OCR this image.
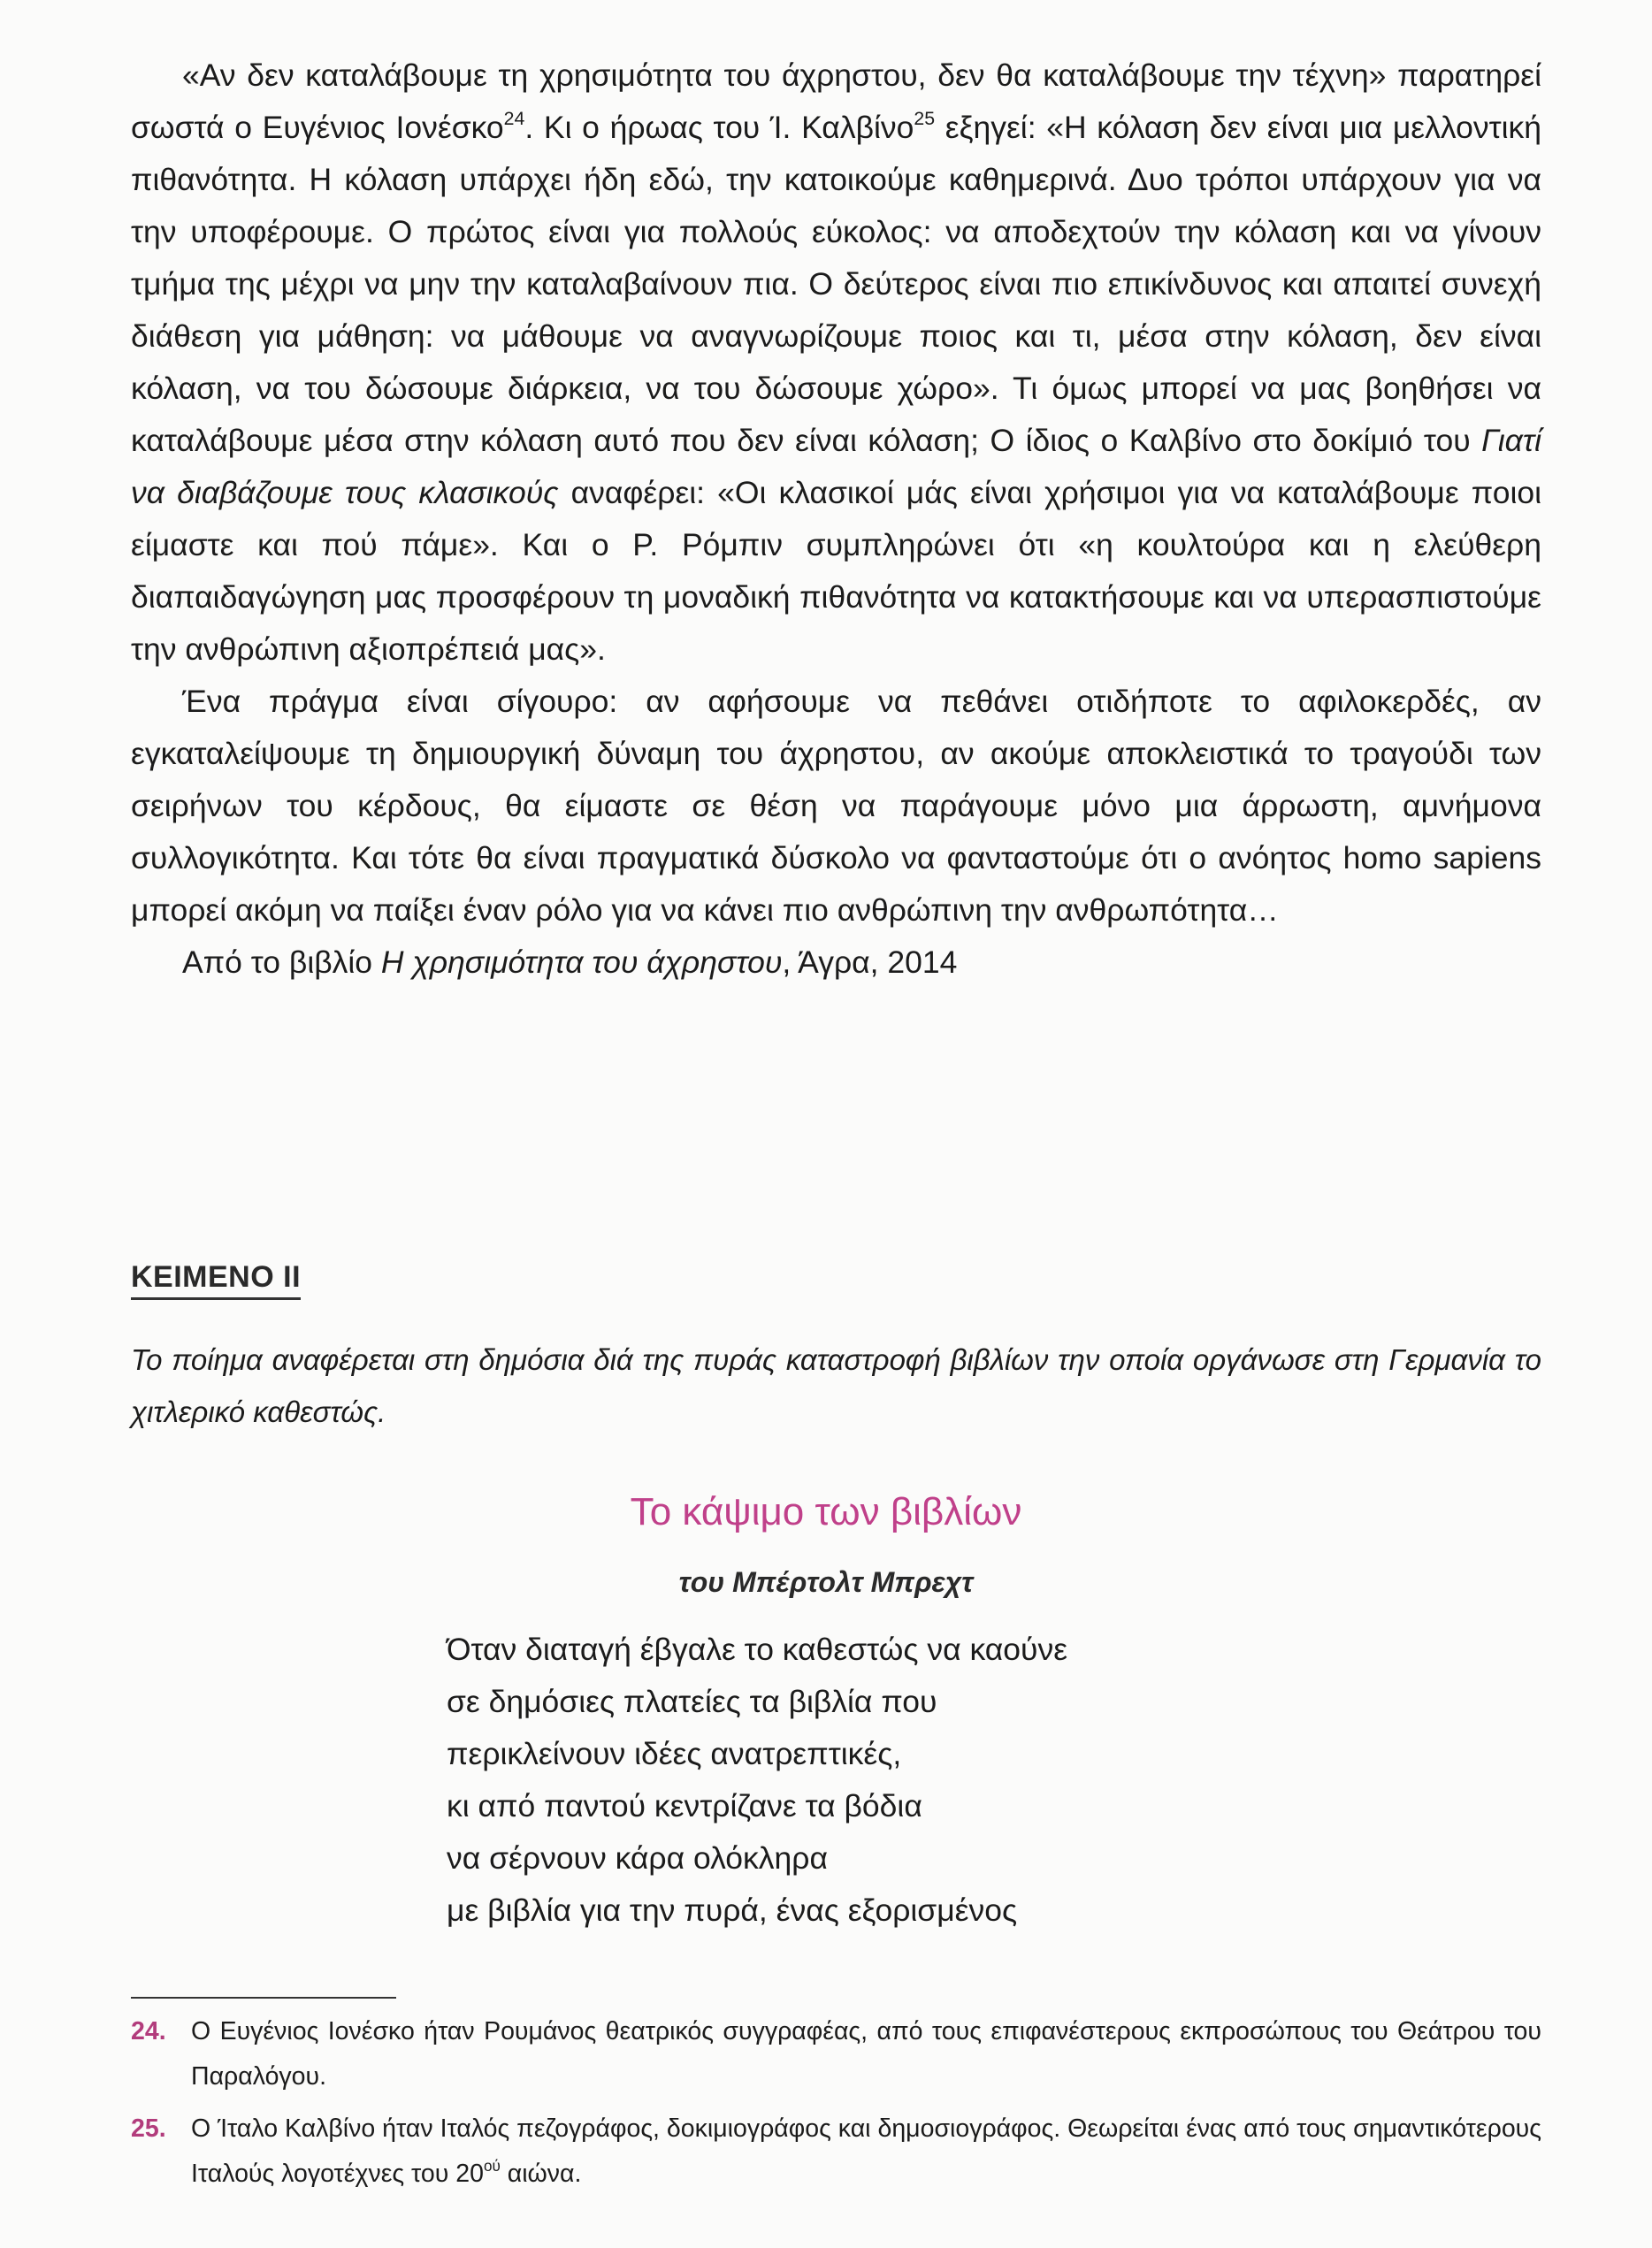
«Αν δεν καταλάβουμε τη χρησιμότητα του άχρηστου, δεν θα καταλάβουμε την τέχνη» παρατηρεί σωστά ο Ευγένιος Ιονέσκο$^{24}$. Κι ο ήρωας του Ί. Καλβίνο$^{25}$ εξηγεί: «Η κόλαση δεν είναι μια μελλοντική πιθανότητα. Η κόλαση υπάρχει ήδη εδώ, την κατοικούμε καθημερινά. Δυο τρόποι υπάρχουν για να την υποφέρουμε. Ο πρώτος είναι για πολλούς εύκολος: να αποδεχτούν την κόλαση και να γίνουν τμήμα της μέχρι να μην την καταλαβαίνουν πια. Ο δεύτερος είναι πιο επικίνδυνος και απαιτεί συνεχή διάθεση για μάθηση: να μάθουμε να αναγνωρίζουμε ποιος και τι, μέσα στην κόλαση, δεν είναι κόλαση, να του δώσουμε διάρκεια, να του δώσουμε χώρο». Τι όμως μπορεί να μας βοηθήσει να καταλάβουμε μέσα στην κόλαση αυτό που δεν είναι κόλαση; Ο ίδιος ο Καλβίνο στο δοκίμιό του Γιατί να διαβάζουμε τους κλασικούς αναφέρει: «Οι κλασικοί μάς είναι χρήσιμοι για να καταλάβουμε ποιοι είμαστε και πού πάμε». Και ο Ρ. Ρόμπιν συμπληρώνει ότι «η κουλτούρα και η ελεύθερη διαπαιδαγώγηση μας προσφέρουν τη μοναδική πιθανότητα να κατακτήσουμε και να υπερασπιστούμε την ανθρώπινη αξιοπρέπειά μας».

Ένα πράγμα είναι σίγουρο: αν αφήσουμε να πεθάνει οτιδήποτε το αφιλοκερδές, αν εγκαταλείψουμε τη δημιουργική δύναμη του άχρηστου, αν ακούμε αποκλειστικά το τραγούδι των σειρήνων του κέρδους, θα είμαστε σε θέση να παράγουμε μόνο μια άρρωστη, αμνήμονα συλλογικότητα. Και τότε θα είναι πραγματικά δύσκολο να φανταστούμε ότι ο ανόητος homo sapiens μπορεί ακόμη να παίξει έναν ρόλο για να κάνει πιο ανθρώπινη την ανθρωπότητα…

Από το βιβλίο Η χρησιμότητα του άχρηστου, Άγρα, 2014

ΚΕΙΜΕΝΟ ΙΙ

Το ποίημα αναφέρεται στη δημόσια διά της πυράς καταστροφή βιβλίων την οποία οργάνωσε στη Γερμανία το χιτλερικό καθεστώς.

Το κάψιμο των βιβλίων

του Μπέρτολτ Μπρεχτ

Όταν διαταγή έβγαλε το καθεστώς να καούνε
σε δημόσιες πλατείες τα βιβλία που
περικλείνουν ιδέες ανατρεπτικές,
κι από παντού κεντρίζανε τα βόδια
να σέρνουν κάρα ολόκληρα
με βιβλία για την πυρά, ένας εξορισμένος
24. Ο Ευγένιος Ιονέσκο ήταν Ρουμάνος θεατρικός συγγραφέας, από τους επιφανέστερους εκπροσώπους του Θεάτρου του Παραλόγου.
25. Ο Ίταλο Καλβίνο ήταν Ιταλός πεζογράφος, δοκιμιογράφος και δημοσιογράφος. Θεωρείται ένας από τους σημαντικότερους Ιταλούς λογοτέχνες του $20^{oύ}$ αιώνα.
